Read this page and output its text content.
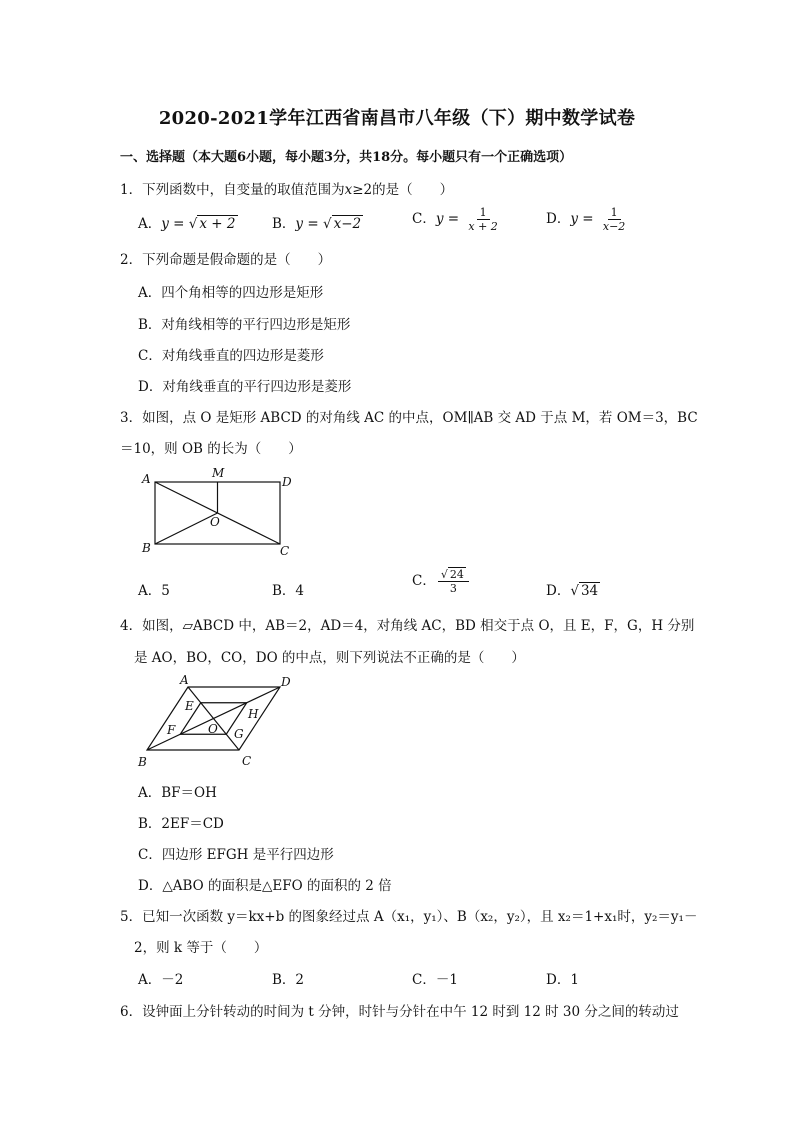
2020-2021学年江西省南昌市八年级（下）期中数学试卷
一、选择题（本大题6小题，每小题3分，共18分。每小题只有一个正确选项）
1．下列函数中，自变量的取值范围为x≥2的是（　　）
A．y = √ x + 2	B．y = √ x−2	C．$y = \frac{1}{x + 2}$	D．$y = \frac{1}{x-2}$
2．下列命题是假命题的是（　　）
A．四个角相等的四边形是矩形
B．对角线相等的平行四边形是矩形
C．对角线垂直的四边形是菱形
D．对角线垂直的平行四边形是菱形
3．如图，点 O 是矩形 ABCD 的对角线 AC 的中点，OM∥AB 交 AD 于点 M，若 OM＝3，BC
＝10，则 OB 的长为（　　）
A	M
D
O
B	C
A．5	B．4
C． $\frac{√ 24}{3}$	D．√ 34
4．如图，▱ABCD 中，AB＝2，AD＝4，对角线 AC，BD 相交于点 O，且 E，F，G，H 分别
是 AO，BO，CO，DO 的中点，则下列说法不正确的是（　　）
A	D
E
H
F	O G
B	C
A．BF＝OH
B．2EF＝CD
C．四边形 EFGH 是平行四边形
D．△ABO 的面积是△EFO 的面积的 2 倍
5．已知一次函数 y＝kx+b 的图象经过点 A（x₁，y₁）、B（x₂，y₂），且 x₂＝1+x₁时，y₂＝y₁－
2，则 k 等于（　　）
A．－2	B．2	C．－1	D．1
6．设钟面上分针转动的时间为 t 分钟，时针与分针在中午 12 时到 12 时 30 分之间的转动过
